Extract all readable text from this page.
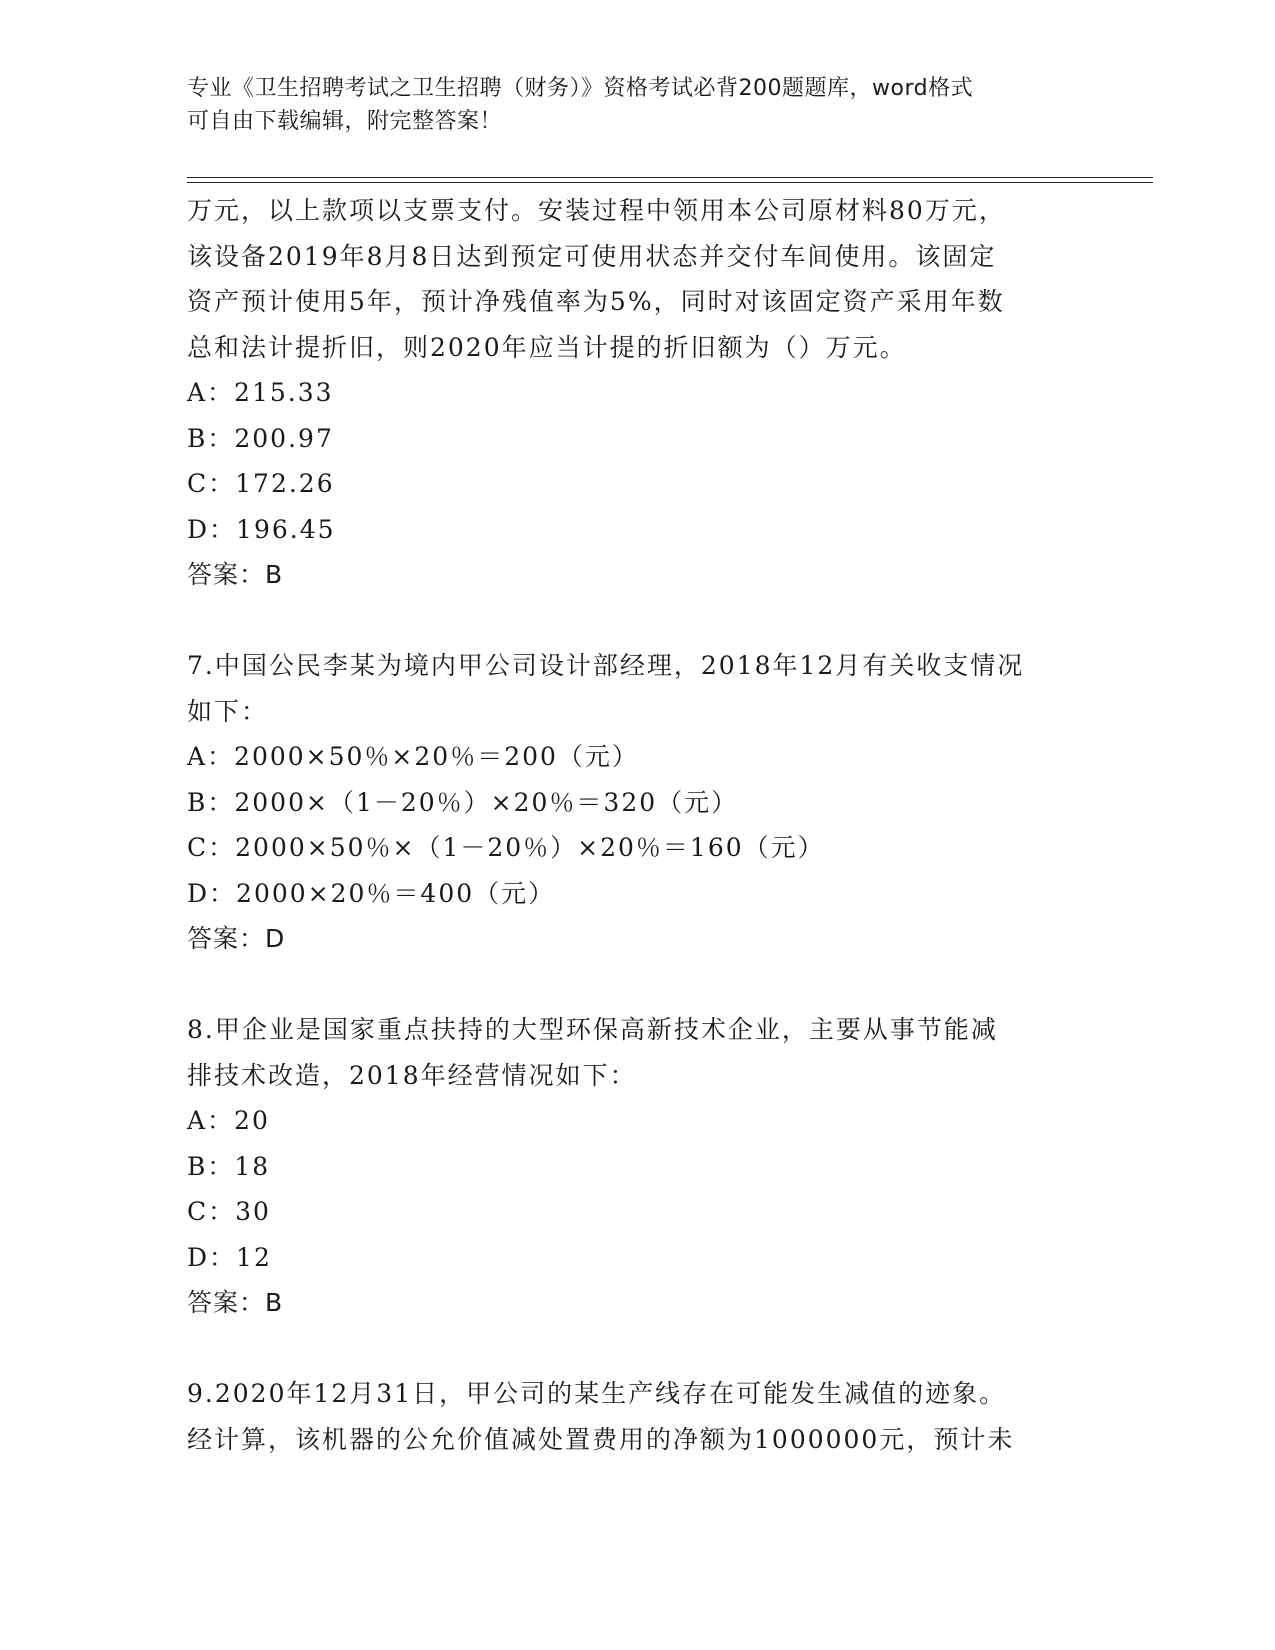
专业《卫生招聘考试之卫生招聘（财务）》资格考试必背200题题库，word格式
可自由下载编辑，附完整答案！
万元，以上款项以支票支付。安装过程中领用本公司原材料80万元，
该设备2019年8月8日达到预定可使用状态并交付车间使用。该固定
资产预计使用5年，预计净残值率为5%，同时对该固定资产采用年数
总和法计提折旧，则2020年应当计提的折旧额为（）万元。
A：215.33
B：200.97
C：172.26
D：196.45
答案：B
7.中国公民李某为境内甲公司设计部经理，2018年12月有关收支情况
如下：
A：2000×50％×20％＝200（元）
B：2000×（1－20％）×20％＝320（元）
C：2000×50％×（1－20％）×20％＝160（元）
D：2000×20％＝400（元）
答案：D
8.甲企业是国家重点扶持的大型环保高新技术企业，主要从事节能减
排技术改造，2018年经营情况如下：
A：20
B：18
C：30
D：12
答案：B
9.2020年12月31日，甲公司的某生产线存在可能发生减值的迹象。
经计算，该机器的公允价值减处置费用的净额为1000000元，预计未
